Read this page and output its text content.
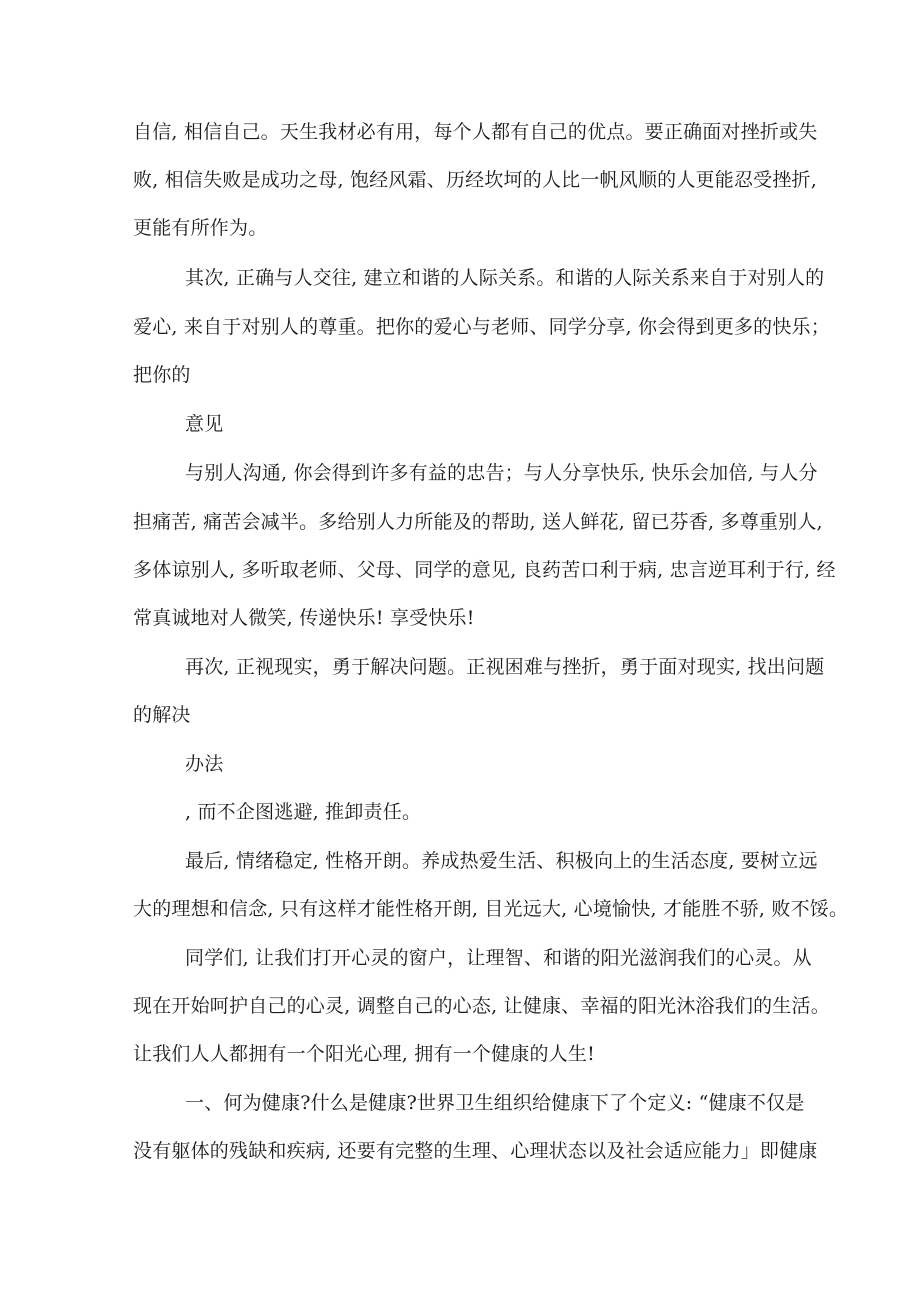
自信, 相信自己。天生我材必有用，每个人都有自己的优点。要正确面对挫折或失
败, 相信失败是成功之母, 饱经风霜、历经坎坷的人比一帆风顺的人更能忍受挫折,
更能有所作为。
其次, 正确与人交往, 建立和谐的人际关系。和谐的人际关系来自于对别人的
爱心, 来自于对别人的尊重。把你的爱心与老师、同学分享, 你会得到更多的快乐；
把你的
意见
与别人沟通, 你会得到许多有益的忠告；与人分享快乐, 快乐会加倍, 与人分
担痛苦, 痛苦会减半。多给别人力所能及的帮助, 送人鲜花, 留已芬香, 多尊重别人,
多体谅别人, 多听取老师、父母、同学的意见, 良药苦口利于病, 忠言逆耳利于行, 经
常真诚地对人微笑, 传递快乐! 享受快乐!
再次, 正视现实，勇于解决问题。正视困难与挫折，勇于面对现实, 找出问题
的解决
办法
, 而不企图逃避, 推卸责任。
最后, 情绪稳定, 性格开朗。养成热爱生活、积极向上的生活态度, 要树立远
大的理想和信念, 只有这样才能性格开朗, 目光远大, 心境愉快, 才能胜不骄, 败不馁。
同学们, 让我们打开心灵的窗户，让理智、和谐的阳光滋润我们的心灵。从
现在开始呵护自己的心灵, 调整自己的心态, 让健康、幸福的阳光沐浴我们的生活。
让我们人人都拥有一个阳光心理, 拥有一个健康的人生!
一、何为健康?什么是健康?世界卫生组织给健康下了个定义: “健康不仅是
没有躯体的残缺和疾病, 还要有完整的生理、心理状态以及社会适应能力」即健康
